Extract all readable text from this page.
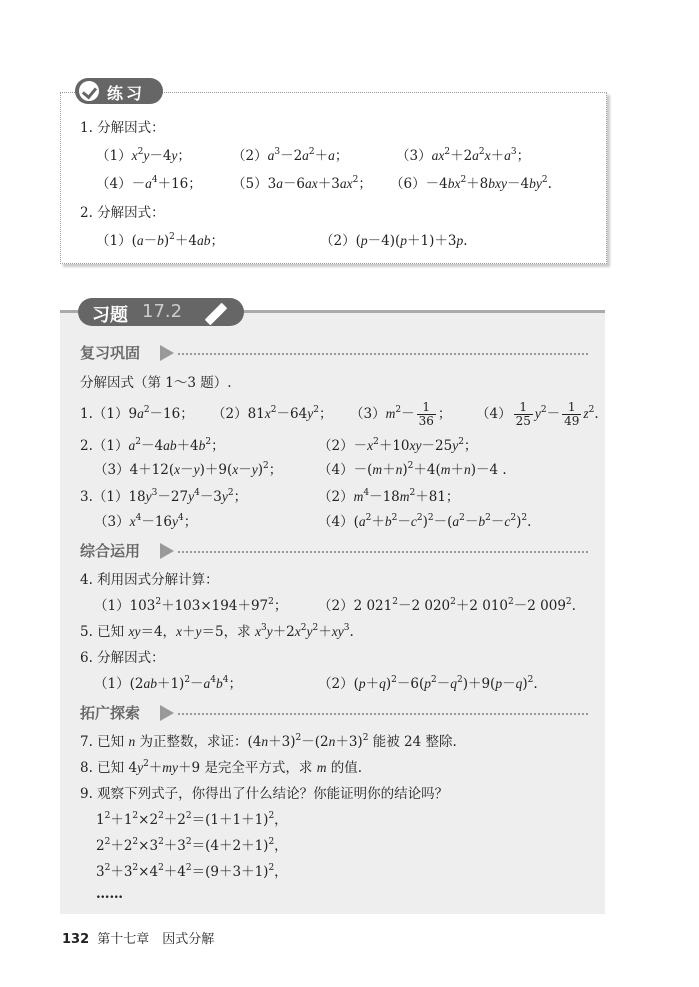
练习
1. 分解因式：
$(1)x^2y-4y$；	$(2)a^3-2a^2+a$；	$(3)ax^2+2a^2x+a^3$；
$(4)-a^4+16$； $(5)3a-6ax+3ax^2$； $(6)-4bx^2+8bxy-4by^2$.
2. 分解因式：
$(1)(a-b)^2+4ab$；	（2）(p－4)(p＋1)＋3p.
习题 17.2
复习巩固
分解因式（第 1～3 题）.
$1.(1)9a^2-16$； $(2)81x^2-64y^2$； $(3)m^2- \frac{1}{36}$ ； $(4) \frac{1}{25} y^2- \frac{1}{49} z^2$.
$2.(1)a^2-4ab+4b^2$；	$(2)-x^2+10xy-25y^2$；
$(3)4+12(x-y)+9(x-y)^2$；	$(4)-(m+n)^2+4(m+n)-4$ .
$3.(1)18y^3-27y^4-3y^2$；	$(2)m^4-18m^2+81$；
$(3)x^4-16y^4$；	$(4)(a^2+b^2-c^2)^2-(a^2-b^2-c^2)^2$.
综合运用
4. 利用因式分解计算：
$(1)103^2+103\times 194+97^2$； （2）2 $021^2-2$ $020^2+2$ $010^2-2$ $009^2$.
5. 已知 xy＝4，x＋y＝5，求 $x^3y+2x^2y^2+xy^3$.
6. 分解因式：
$(1)(2ab+1)^2-a^4b^4$；	$(2)(p+q)^2-6(p^2-q^2)+9(p-q)^2$.
拓广探索
7. 已知 n 为正整数，求证：$(4n+3)^2-(2n+3)^2$ 能被 24 整除.
8. 已知 $4y^2+my+9$ 是完全平方式，求 m 的值.
9. 观察下列式子，你得出了什么结论？你能证明你的结论吗？
$1^2+1^2\times 2^2+2^2=(1+1+1)^2$，
$2^2+2^2\times 3^2+3^2=(4+2+1)^2$，
$3^2+3^2\times 4^2+4^2=(9+3+1)^2$，
……
132 第十七章　因式分解
